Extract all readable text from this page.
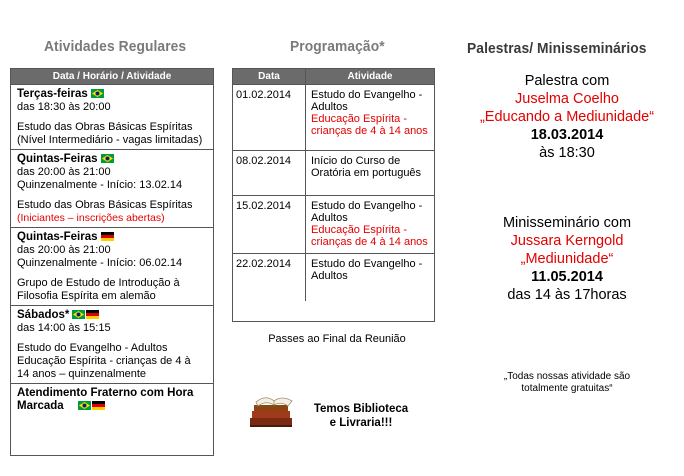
Atividades Regulares	Programação*	Palestras/ Minisseminários
Data / Horário / Atividade

Terças-feiras

das 18:30 às 20:00

Estudo das Obras Básicas Espíritas

(Nível Intermediário - vagas limitadas)

Quintas-Feiras

das 20:00 às 21:00

Quinzenalmente - Início: 13.02.14

Estudo das Obras Básicas Espíritas

(Iniciantes – inscrições abertas)

Quintas-Feiras

das 20:00 às 21:00

Quinzenalmente - Início: 06.02.14

Grupo de Estudo de Introdução à

Filosofia Espírita em alemão

Sábados*

das 14:00 às 15:15

Estudo do Evangelho - Adultos

Educação Espírita - crianças de 4 à

14 anos – quinzenalmente

Atendimento Fraterno com Hora

Marcada

Data	Atividade
01.02.2014	Estudo do Evangelho - Adultos
Educação Espírita - crianças de 4 à 14 anos
08.02.2014	Início do Curso de Oratória em português
15.02.2014	Estudo do Evangelho - Adultos
Educação Espírita - crianças de 4 à 14 anos
22.02.2014	Estudo do Evangelho - Adultos
Passes ao Final da Reunião
Temos Biblioteca
e Livraria!!!
Palestra com
Juselma Coelho
„Educando a Mediunidade“
18.03.2014
às 18:30
Minisseminário com
Jussara Kerngold
„Mediunidade“
11.05.2014
das 14 às 17horas
„Todas nossas atividade são
totalmente gratuitas“
